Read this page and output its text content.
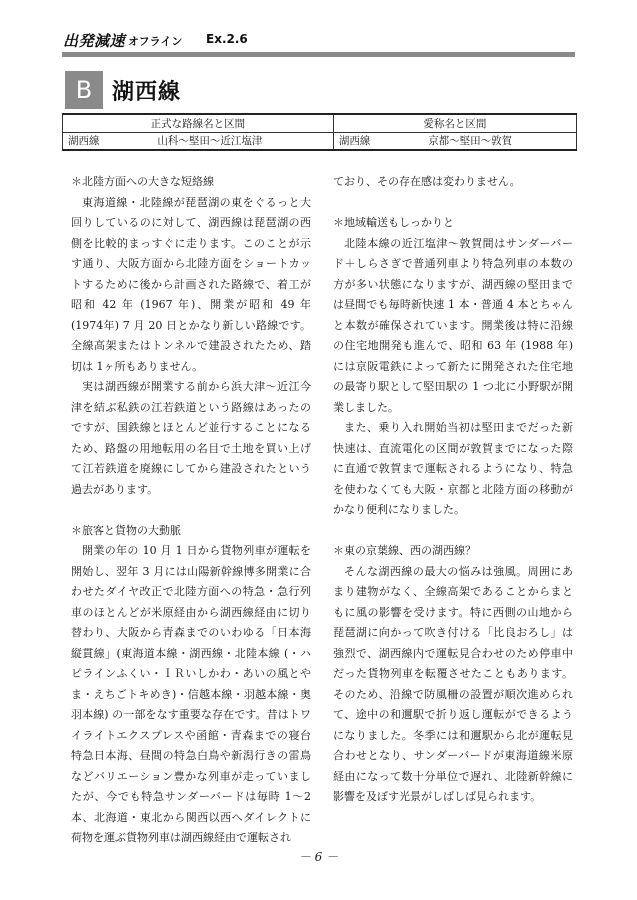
出発減速 オフライン Ex.2.6
B 湖西線
正式な路線名と区間	愛称名と区間
湖西線 山科～堅田～近江塩津	湖西線 京都～堅田～敦賀

＊北陸方面への大きな短絡線

東海道線・北陸線が琵琶湖の東をぐるっと大回りしているのに対して、湖西線は琵琶湖の西側を比較的まっすぐに走ります。このことが示す通り、大阪方面から北陸方面をショートカットするために後から計画された路線で、着工が昭和 42 年 (1967 年)、開業が昭和 49 年 (1974年) 7 月 20 日とかなり新しい路線です。全線高架またはトンネルで建設されたため、踏切は 1ヶ所もありません。

実は湖西線が開業する前から浜大津～近江今津を結ぶ私鉄の江若鉄道という路線はあったのですが、国鉄線とほとんど並行することになるため、路盤の用地転用の名目で土地を買い上げて江若鉄道を廃線にしてから建設されたという過去があります。

＊旅客と貨物の大動脈

開業の年の 10 月 1 日から貨物列車が運転を開始し、翌年 3 月には山陽新幹線博多開業に合わせたダイヤ改正で北陸方面への特急・急行列車のほとんどが米原経由から湖西線経由に切り替わり、大阪から青森までのいわゆる「日本海縦貫線」(東海道本線・湖西線・北陸本線 (・ハピラインふくい・ＩＲいしかわ・あいの風とやま・えちごトキめき)・信越本線・羽越本線・奥羽本線) の一部をなす重要な存在です。昔はトワイライトエクスプレスや函館・青森までの寝台特急日本海、昼間の特急白鳥や新潟行きの雷鳥などバリエーション豊かな列車が走っていましたが、今でも特急サンダーバードは毎時 1～2 本、北海道・東北から関西以西へダイレクトに荷物を運ぶ貨物列車は湖西線経由で運転され

ており、その存在感は変わりません。

＊地域輸送もしっかりと

北陸本線の近江塩津～敦賀間はサンダーバード＋しらさぎで普通列車より特急列車の本数の方が多い状態になりますが、湖西線の堅田までは昼間でも毎時新快速 1 本・普通 4 本とちゃんと本数が確保されています。開業後は特に沿線の住宅地開発も進んで、昭和 63 年 (1988 年)には京阪電鉄によって新たに開発された住宅地の最寄り駅として堅田駅の 1 つ北に小野駅が開業しました。

また、乗り入れ開始当初は堅田までだった新快速は、直流電化の区間が敦賀までになった際に直通で敦賀まで運転されるようになり、特急を使わなくても大阪・京都と北陸方面の移動がかなり便利になりました。

＊東の京葉線、西の湖西線？

そんな湖西線の最大の悩みは強風。周囲にあまり建物がなく、全線高架であることからまともに風の影響を受けます。特に西側の山地から琵琶湖に向かって吹き付ける「比良おろし」は強烈で、湖西線内で運転見合わせのため停車中だった貨物列車を転覆させたこともあります。そのため、沿線で防風柵の設置が順次進められて、途中の和邇駅で折り返し運転ができるようになりました。冬季には和邇駅から北が運転見合わせとなり、サンダーバードが東海道線米原経由になって数十分単位で遅れ、北陸新幹線に影響を及ぼす光景がしばしば見られます。

－ 6 －
